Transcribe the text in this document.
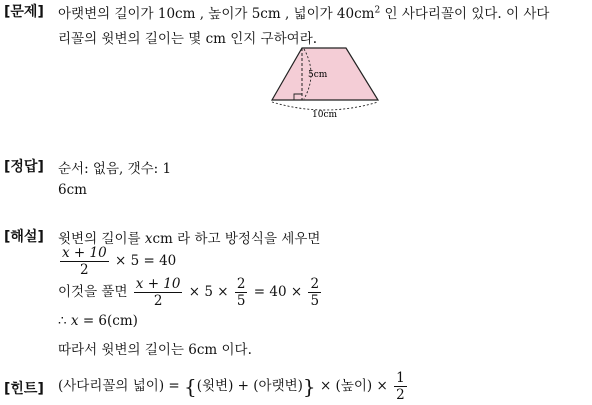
[문제] 아랫변의 길이가 10cm , 높이가 5cm , 넓이가 $40cm^2$ 인 사다리꼴이 있다. 이 사다
리꼴의 윗변의 길이는 몇 cm 인지 구하여라.
5cm
10cm
[정답] 순서: 없음, 갯수: 1
6cm
[해설] 윗변의 길이를 xcm 라 하고 방정식을 세우면
$\frac{x + 10}{2} \times 5 = 40$
이것을 풀면 $\frac{x + 10}{2} \times 5 \times \frac{2}{5} = 40 \times \frac{2}{5}$
∴ x = 6(cm)
따라서 윗변의 길이는 6cm 이다.
[힌트] (사다리꼴의 넓이) = {(윗변) + (아랫변)} × (높이) × $\frac{1}{2}$
